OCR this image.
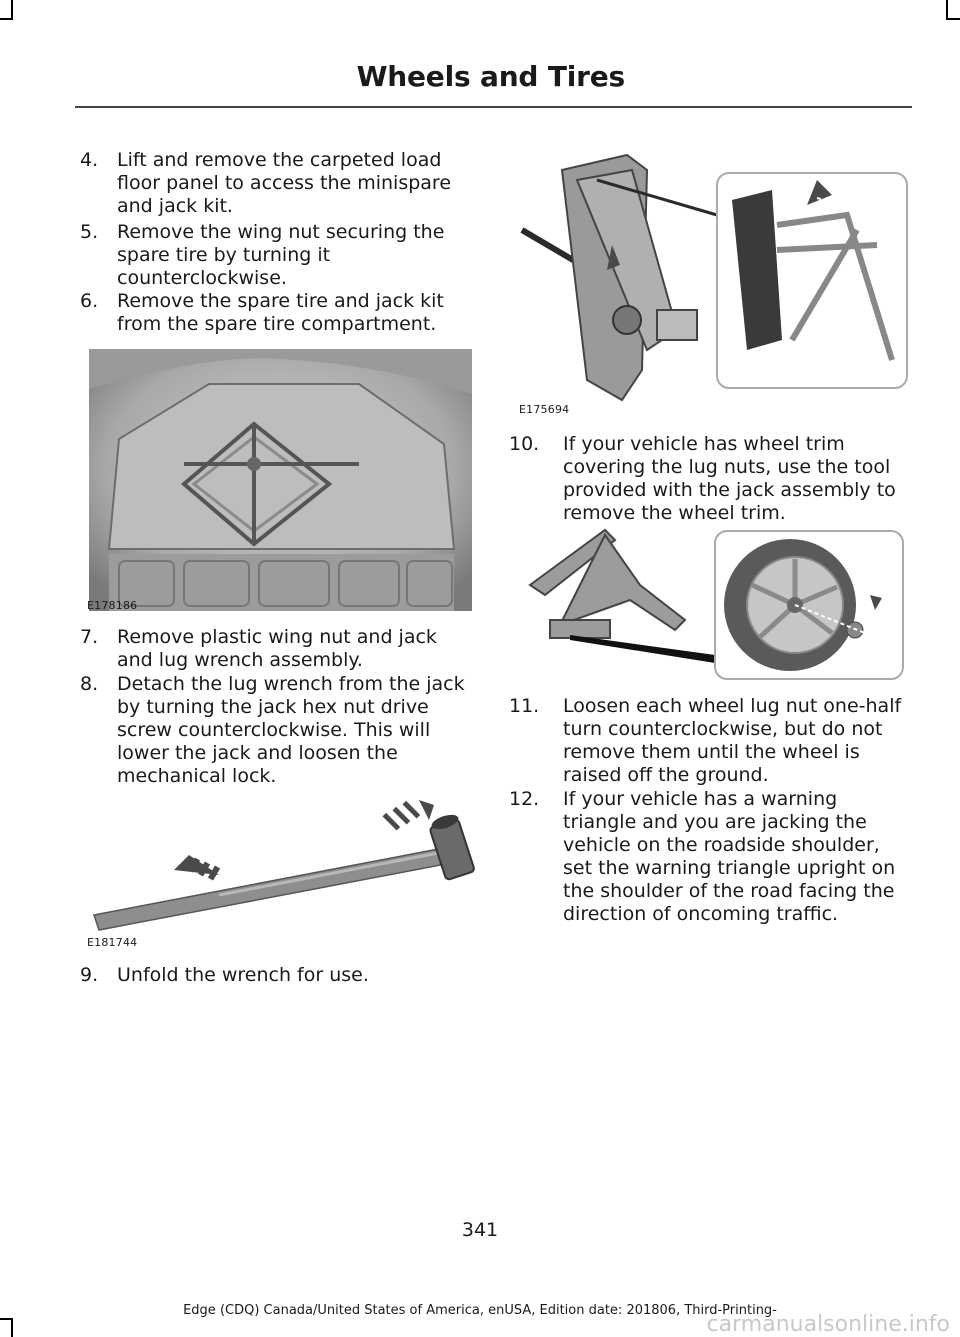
Wheels and Tires
4. Lift and remove the carpeted load floor panel to access the minispare and jack kit.
5. Remove the wing nut securing the spare tire by turning it counterclockwise.
6. Remove the spare tire and jack kit from the spare tire compartment.
E178186
7. Remove plastic wing nut and jack and lug wrench assembly.
8. Detach the lug wrench from the jack by turning the jack hex nut drive screw counterclockwise. This will lower the jack and loosen the mechanical lock.
E181744
9. Unfold the wrench for use.
E175694
10. If your vehicle has wheel trim covering the lug nuts, use the tool provided with the jack assembly to remove the wheel trim.
11. Loosen each wheel lug nut one-half turn counterclockwise, but do not remove them until the wheel is raised off the ground.
12. If your vehicle has a warning triangle and you are jacking the vehicle on the roadside shoulder, set the warning triangle upright on the shoulder of the road facing the direction of oncoming traffic.
341
Edge (CDQ) Canada/United States of America, enUSA, Edition date: 201806, Third-Printing-
carmanualsonline.info
